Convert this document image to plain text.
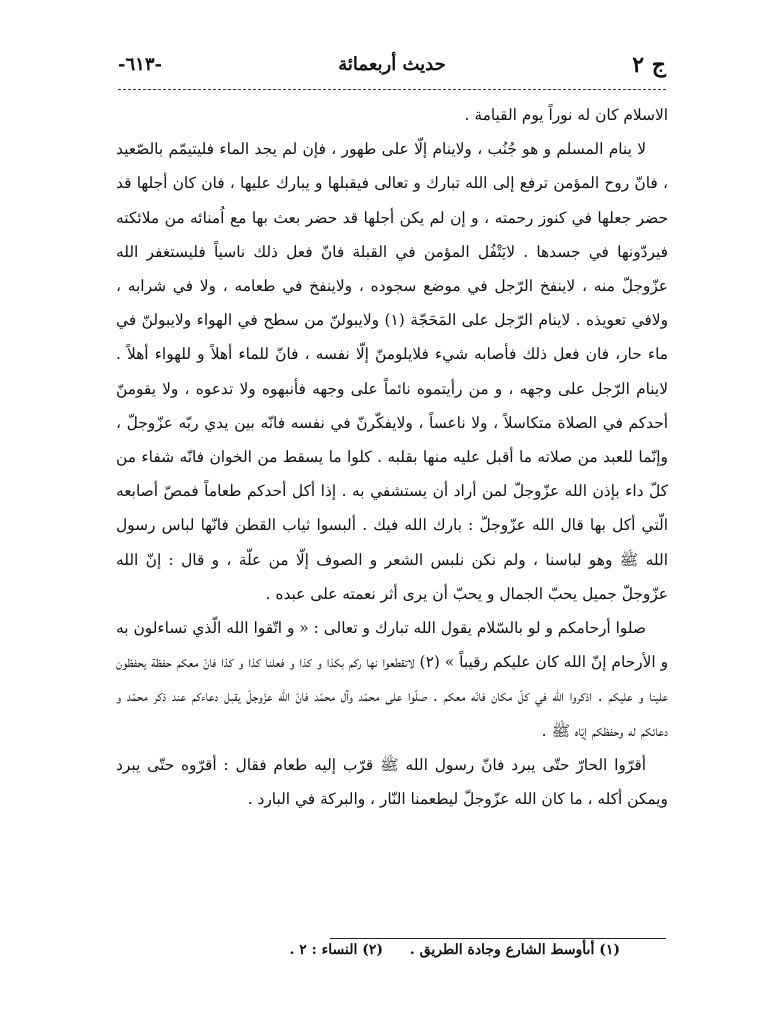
ج ٢
حديث أربعمائة
-٦١٣-

الاسلام كان له نوراً يوم القيامة .

لا ينام المسلم و هو جُنُب ، ولاينام إلّا على طهور ، فإن لم يجد الماء فليتيمّم بالصّعيد ، فانّ روح المؤمن ترفع إلى الله تبارك و تعالى فيقبلها و يبارك عليها ، فان كان أجلها قد حضر جعلها في كنوز رحمته ، و إن لم يكن أجلها قد حضر بعث بها مع اُمنائه من ملائكته فيردّونها في جسدها . لايَتْفُل المؤمن في القبلة فانّ فعل ذلك ناسياً فليستغفر الله عزّوجلّ منه ، لاينفخ الرّجل في موضع سجوده ، ولاينفخ في طعامه ، ولا في شرابه ، ولافي تعويذه . لاينام الرّجل على المَحَجّة (١) ولايبولنّ من سطح في الهواء ولايبولنّ في ماء حار، فان فعل ذلك فأصابه شيء فلايلومنّ إلّا نفسه ، فانّ للماء أهلاً و للهواء أهلاً . لاينام الرّجل على وجهه ، و من رأيتموه نائماً على وجهه فأنبهوه ولا تدعوه ، ولا يقومنّ أحدكم في الصلاة متكاسلاً ، ولا ناعساً ، ولايفكّرنّ في نفسه فانّه بين يدي ربّه عزّوجلّ ، وإنّما للعبد من صلاته ما أقبل عليه منها بقلبه . كلوا ما يسقط من الخوان فانّه شفاء من كلّ داء بإذن الله عزّوجلّ لمن أراد أن يستشفي به . إذا أكل أحدكم طعاماً فمصّ أصابعه الّتي أكل بها قال الله عزّوجلّ : بارك الله فيك . ألبسوا ثياب القطن فانّها لباس رسول الله ﷺ وهو لباسنا ، ولم نكن نلبس الشعر و الصوف إلّا من علّة ، و قال : إنّ الله عزّوجلّ جميل يحبّ الجمال و يحبّ أن يرى أثر نعمته على عبده .

صلوا أرحامكم و لو بالسّلام يقول الله تبارك و تعالى : « و اتّقوا الله الّذي تساءلون به و الأرحام إنّ الله كان عليكم رقيباً » (٢) لاتقطعوا نها ركم بكذا و كذا و فعلنا كذا و كذا فانّ معكم حفظة يحفظون علينا و عليكم . اذكروا الله في كلّ مكان فانّه معكم . صلّوا على محمّد وآل محمّد فانّ الله عزّوجلّ يقبل دعاءكم عند ذكر محمّد و دعائكم له وحفظكم إيّاه ﷺ .

أقرّوا الحارّ حتّى يبرد فانّ رسول الله ﷺ قرّب إليه طعام فقال : أقرّوه حتّى يبرد ويمكن أكله ، ما كان الله عزّوجلّ ليطعمنا النّار ، والبركة في البارد .

(١) أىأوسط الشارع وجادة الطريق . (٢) النساء : ٢ .
